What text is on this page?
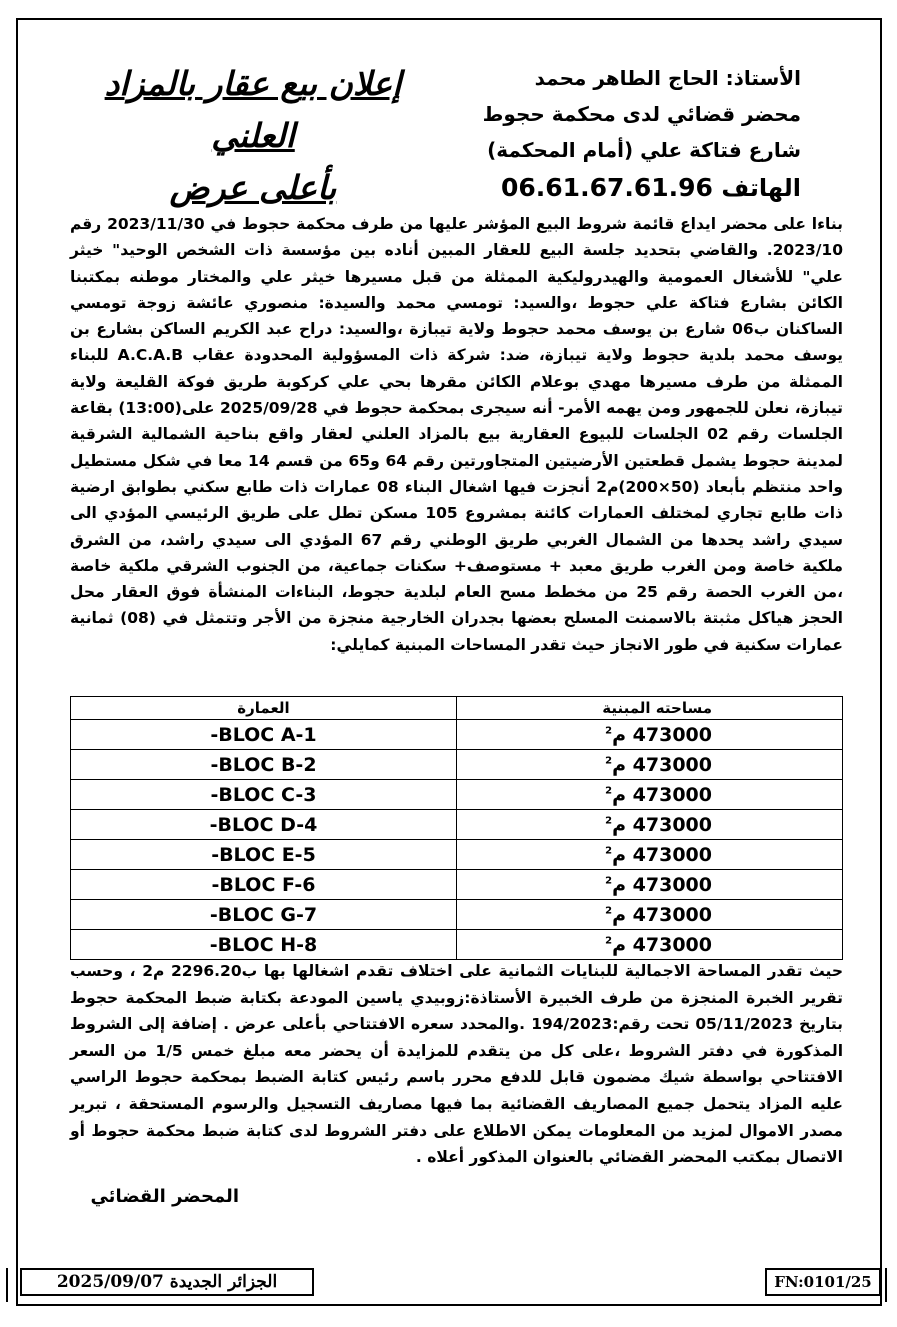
إعلان بيع عقار بالمزاد العلني
بأعلى عرض
الأستاذ: الحاج الطاهر محمد
محضر قضائي لدى محكمة حجوط
شارع فتاكة علي (أمام المحكمة)
الهاتف 06.61.67.61.96
بناءا على محضر ايداع قائمة شروط البيع المؤشر عليها من طرف محكمة حجوط في 2023/11/30 رقم 2023/10. والقاضي بتحديد جلسة البيع للعقار المبين أناده بين مؤسسة ذات الشخص الوحيد" خيثر علي" للأشغال العمومية والهيدروليكية الممثلة من قبل مسيرها خيثر علي والمختار موطنه بمكتبنا الكائن بشارع فتاكة علي حجوط ،والسيد: تومسي محمد والسيدة: منصوري عائشة زوجة تومسي الساكنان ب06 شارع بن يوسف محمد حجوط ولاية تيبازة ،والسيد: دراح عبد الكريم الساكن بشارع بن يوسف محمد بلدية حجوط ولاية تيبازة، ضد: شركة ذات المسؤولية المحدودة عقاب A.C.A.B للبناء الممثلة من طرف مسيرها مهدي بوعلام الكائن مقرها بحي علي كركوبة طريق فوكة القليعة ولاية تيبازة، نعلن للجمهور ومن يهمه الأمر- أنه سيجرى بمحكمة حجوط في 2025/09/28 على(13:00) بقاعة الجلسات رقم 02 الجلسات للبيوع العقارية بيع بالمزاد العلني لعقار واقع بناحية الشمالية الشرقية لمدينة حجوط يشمل قطعتين الأرضيتين المتجاورتين رقم 64 و65 من قسم 14 معا في شكل مستطيل واحد منتظم بأبعاد (50×200)م2 أنجزت فيها اشغال البناء 08 عمارات ذات طابع سكني بطوابق ارضية ذات طابع تجاري لمختلف العمارات كائنة بمشروع 105 مسكن تطل على طريق الرئيسي المؤدي الى سيدي راشد يحدها من الشمال الغربي طريق الوطني رقم 67 المؤدي الى سيدي راشد، من الشرق ملكية خاصة ومن الغرب طريق معبد + مستوصف+ سكنات جماعية، من الجنوب الشرقي ملكية خاصة ،من الغرب الحصة رقم 25 من مخطط مسح العام لبلدية حجوط، البناءات المنشأة فوق العقار محل الحجز هياكل مثبتة بالاسمنت المسلح بعضها بجدران الخارجية منجزة من الأجر وتتمثل في (08) ثمانية عمارات سكنية في طور الانجاز حيث تقدر المساحات المبنية كمايلي:
مساحته المبنية	العمارة
473000 م$^2$	BLOC A-1-
473000 م$^2$	BLOC B-2-
473000 م$^2$	BLOC C-3-
473000 م$^2$	BLOC D-4-
473000 م$^2$	BLOC E-5-
473000 م$^2$	BLOC F-6-
473000 م$^2$	BLOC G-7-
473000 م$^2$	BLOC H-8-
حيث تقدر المساحة الاجمالية للبنايات الثمانية على اختلاف تقدم اشغالها بها ب2296.20 م2 ، وحسب تقرير الخبرة المنجزة من طرف الخبيرة الأستاذة:زوبيدي ياسين المودعة بكتابة ضبط المحكمة حجوط بتاريخ 05/11/2023 تحت رقم:194/2023 .والمحدد سعره الافتتاحي بأعلى عرض . إضافة إلى الشروط المذكورة في دفتر الشروط ،على كل من يتقدم للمزايدة أن يحضر معه مبلغ خمس 1/5 من السعر الافتتاحي بواسطة شيك مضمون قابل للدفع محرر باسم رئيس كتابة الضبط بمحكمة حجوط الراسي عليه المزاد يتحمل جميع المصاريف القضائية بما فيها مصاريف التسجيل والرسوم المستحقة ، تبرير مصدر الاموال لمزيد من المعلومات يمكن الاطلاع على دفتر الشروط لدى كتابة ضبط محكمة حجوط أو الاتصال بمكتب المحضر القضائي بالعنوان المذكور أعلاه .
المحضر القضائي
الجزائر الجديدة 2025/09/07	FN:0101/25
